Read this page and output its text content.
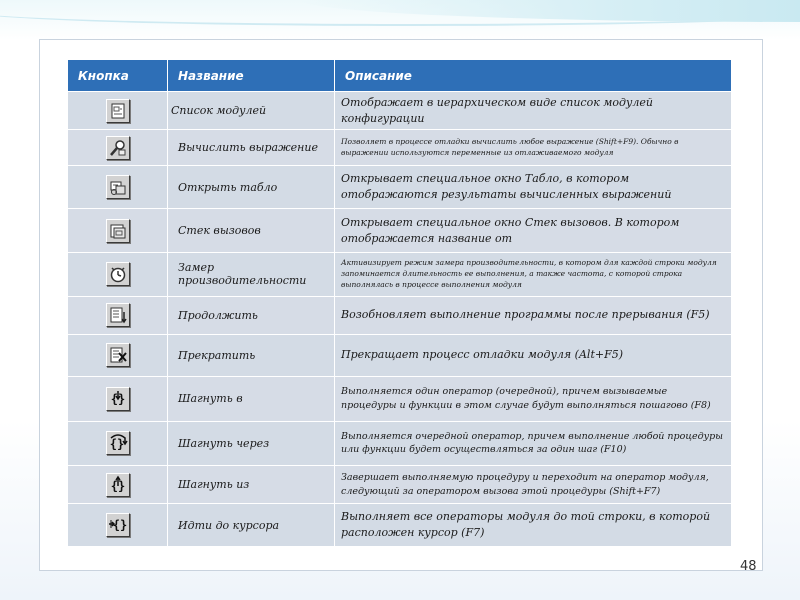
Кнопка	Название	Описание

	Список модулей	Отображает в иерархическом виде список модулей конфигурации

	Вычислить выражение	Позволяет в процессе отладки вычислить любое выражение (Shift+F9). Обычно в выражении используются переменные из отлаживаемого модуля

	Открыть табло	Открывает специальное окно Табло, в котором отображаются результаты вычисленных выражений

	Стек вызовов	Открывает специальное окно Стек вызовов. В котором отображается название от

	Замер производительности	Активизирует режим замера производительности, в котором для каждой строки модуля запоминается длительность ее выполнения, а также частота, с которой строка выполнялась в процессе выполнения модуля

	Продолжить	Возобновляет выполнение программы после прерывания (F5)

	Прекратить	Прекращает процесс отладки модуля (Alt+F5)

{}	Шагнуть в	Выполняется один оператор (очередной), причем вызываемые процедуры и функции в этом случае будут выполняться пошагово (F8)

{}	Шагнуть через	Выполняется очередной оператор, причем выполнение любой процедуры или функции будет осуществляться за один шаг (F10)

{}	Шагнуть из	Завершает выполняемую процедуру и переходит на оператор модуля, следующий за оператором вызова этой процедуры (Shift+F7)

{}	Идти до курсора	Выполняет все операторы модуля до той строки, в которой расположен курсор (F7)
48
